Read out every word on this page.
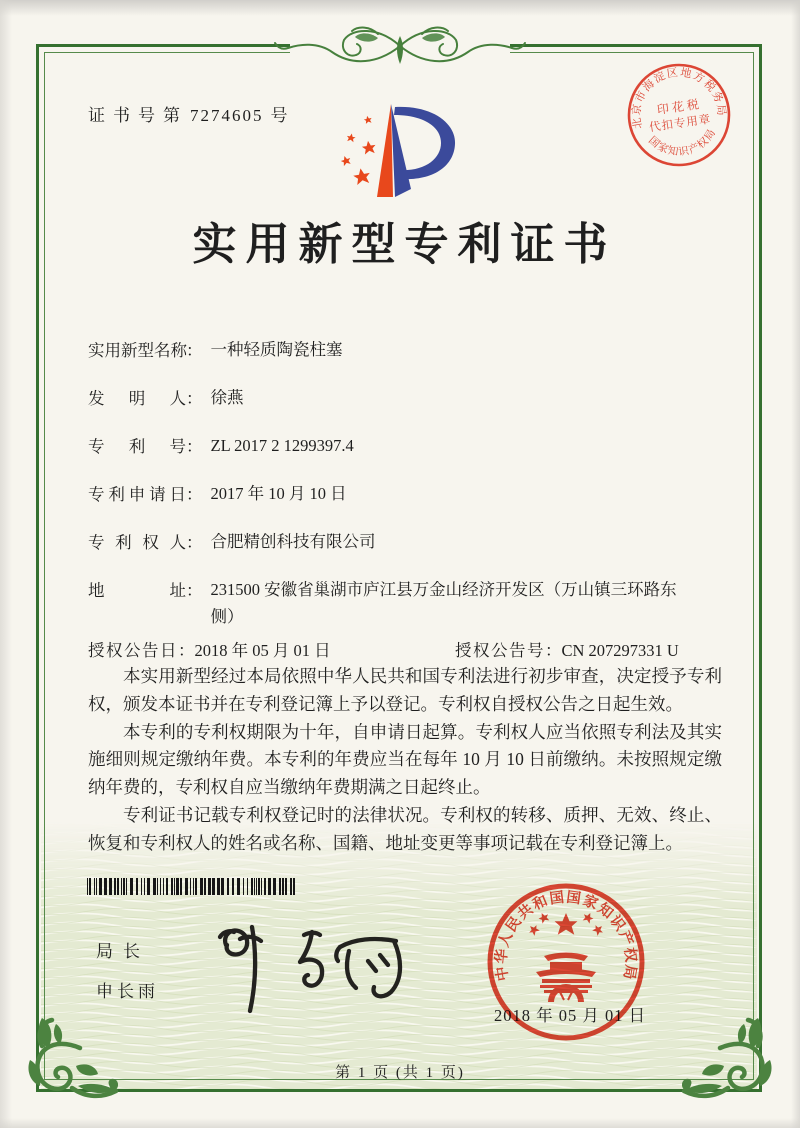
证书号第 7274605 号
实用新型专利证书
实用新型名称： 一种轻质陶瓷柱塞
发明人： 徐燕
专利号： ZL 2017 2 1299397.4
专利申请日： 2017 年 10 月 10 日
专利权人： 合肥精创科技有限公司
地址： 231500 安徽省巢湖市庐江县万金山经济开发区（万山镇三环路东侧）
授权公告日：2018 年 05 月 01 日	授权公告号：CN 207297331 U

本实用新型经过本局依照中华人民共和国专利法进行初步审查，决定授予专利权，颁发本证书并在专利登记簿上予以登记。专利权自授权公告之日起生效。

本专利的专利权期限为十年，自申请日起算。专利权人应当依照专利法及其实施细则规定缴纳年费。本专利的年费应当在每年 10 月 10 日前缴纳。未按照规定缴纳年费的，专利权自应当缴纳年费期满之日起终止。

专利证书记载专利权登记时的法律状况。专利权的转移、质押、无效、终止、恢复和专利权人的姓名或名称、国籍、地址变更等事项记载在专利登记簿上。

局长
申长雨
北京市海淀区地方税务局
国家知识产权局
印 花 税
代扣专用章
2018 年 05 月 01 日
中华人民共和国国家知识产权局
第 1 页 (共 1 页)
